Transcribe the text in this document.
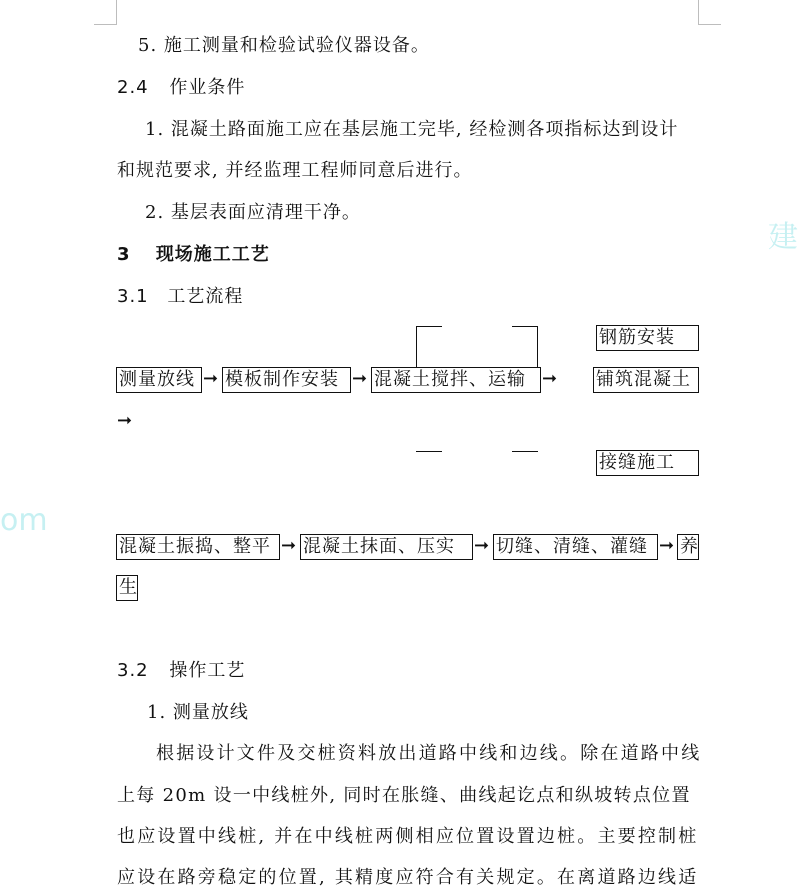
建
om
5. 施工测量和检验试验仪器设备。
2.4 作业条件
1. 混凝土路面施工应在基层施工完毕, 经检测各项指标达到设计
和规范要求, 并经监理工程师同意后进行。
2. 基层表面应清理干净。
3 现场施工工艺
3.1 工艺流程
测量放线 ➞ 模板制作安装 ➞ 混凝土搅拌、运输 ➞ 铺筑混凝土
钢筋安装
接缝施工
➞
混凝土振捣、整平 ➞ 混凝土抹面、压实	➞ 切缝、清缝、灌缝 ➞ 养
生
3.2 操作工艺
1. 测量放线
根据设计文件及交桩资料放出道路中线和边线。除在道路中线
上每 20m 设一中线桩外, 同时在胀缝、曲线起讫点和纵坡转点位置
也应设置中线桩, 并在中线桩两侧相应位置设置边桩。主要控制桩
应设在路旁稳定的位置, 其精度应符合有关规定。在离道路边线适
